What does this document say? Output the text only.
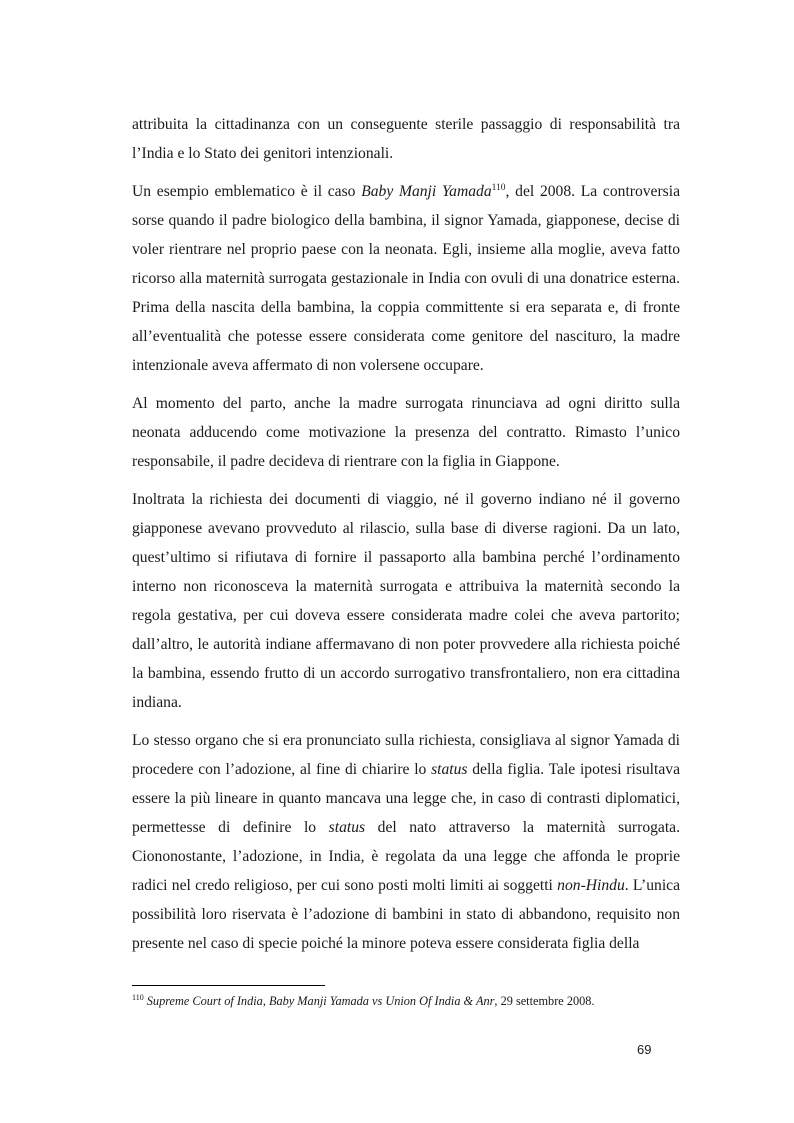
attribuita la cittadinanza con un conseguente sterile passaggio di responsabilità tra l’India e lo Stato dei genitori intenzionali.

Un esempio emblematico è il caso Baby Manji Yamada$^{110}$, del 2008. La controversia sorse quando il padre biologico della bambina, il signor Yamada, giapponese, decise di voler rientrare nel proprio paese con la neonata. Egli, insieme alla moglie, aveva fatto ricorso alla maternità surrogata gestazionale in India con ovuli di una donatrice esterna. Prima della nascita della bambina, la coppia committente si era separata e, di fronte all’eventualità che potesse essere considerata come genitore del nascituro, la madre intenzionale aveva affermato di non volersene occupare.

Al momento del parto, anche la madre surrogata rinunciava ad ogni diritto sulla neonata adducendo come motivazione la presenza del contratto. Rimasto l’unico responsabile, il padre decideva di rientrare con la figlia in Giappone.

Inoltrata la richiesta dei documenti di viaggio, né il governo indiano né il governo giapponese avevano provveduto al rilascio, sulla base di diverse ragioni. Da un lato, quest’ultimo si rifiutava di fornire il passaporto alla bambina perché l’ordinamento interno non riconosceva la maternità surrogata e attribuiva la maternità secondo la regola gestativa, per cui doveva essere considerata madre colei che aveva partorito; dall’altro, le autorità indiane affermavano di non poter provvedere alla richiesta poiché la bambina, essendo frutto di un accordo surrogativo transfrontaliero, non era cittadina indiana.

Lo stesso organo che si era pronunciato sulla richiesta, consigliava al signor Yamada di procedere con l’adozione, al fine di chiarire lo status della figlia. Tale ipotesi risultava essere la più lineare in quanto mancava una legge che, in caso di contrasti diplomatici, permettesse di definire lo status del nato attraverso la maternità surrogata. Ciononostante, l’adozione, in India, è regolata da una legge che affonda le proprie radici nel credo religioso, per cui sono posti molti limiti ai soggetti non-Hindu. L’unica possibilità loro riservata è l’adozione di bambini in stato di abbandono, requisito non presente nel caso di specie poiché la minore poteva essere considerata figlia della

$^{110}$ Supreme Court of India, Baby Manji Yamada vs Union Of India & Anr, 29 settembre 2008.
69
